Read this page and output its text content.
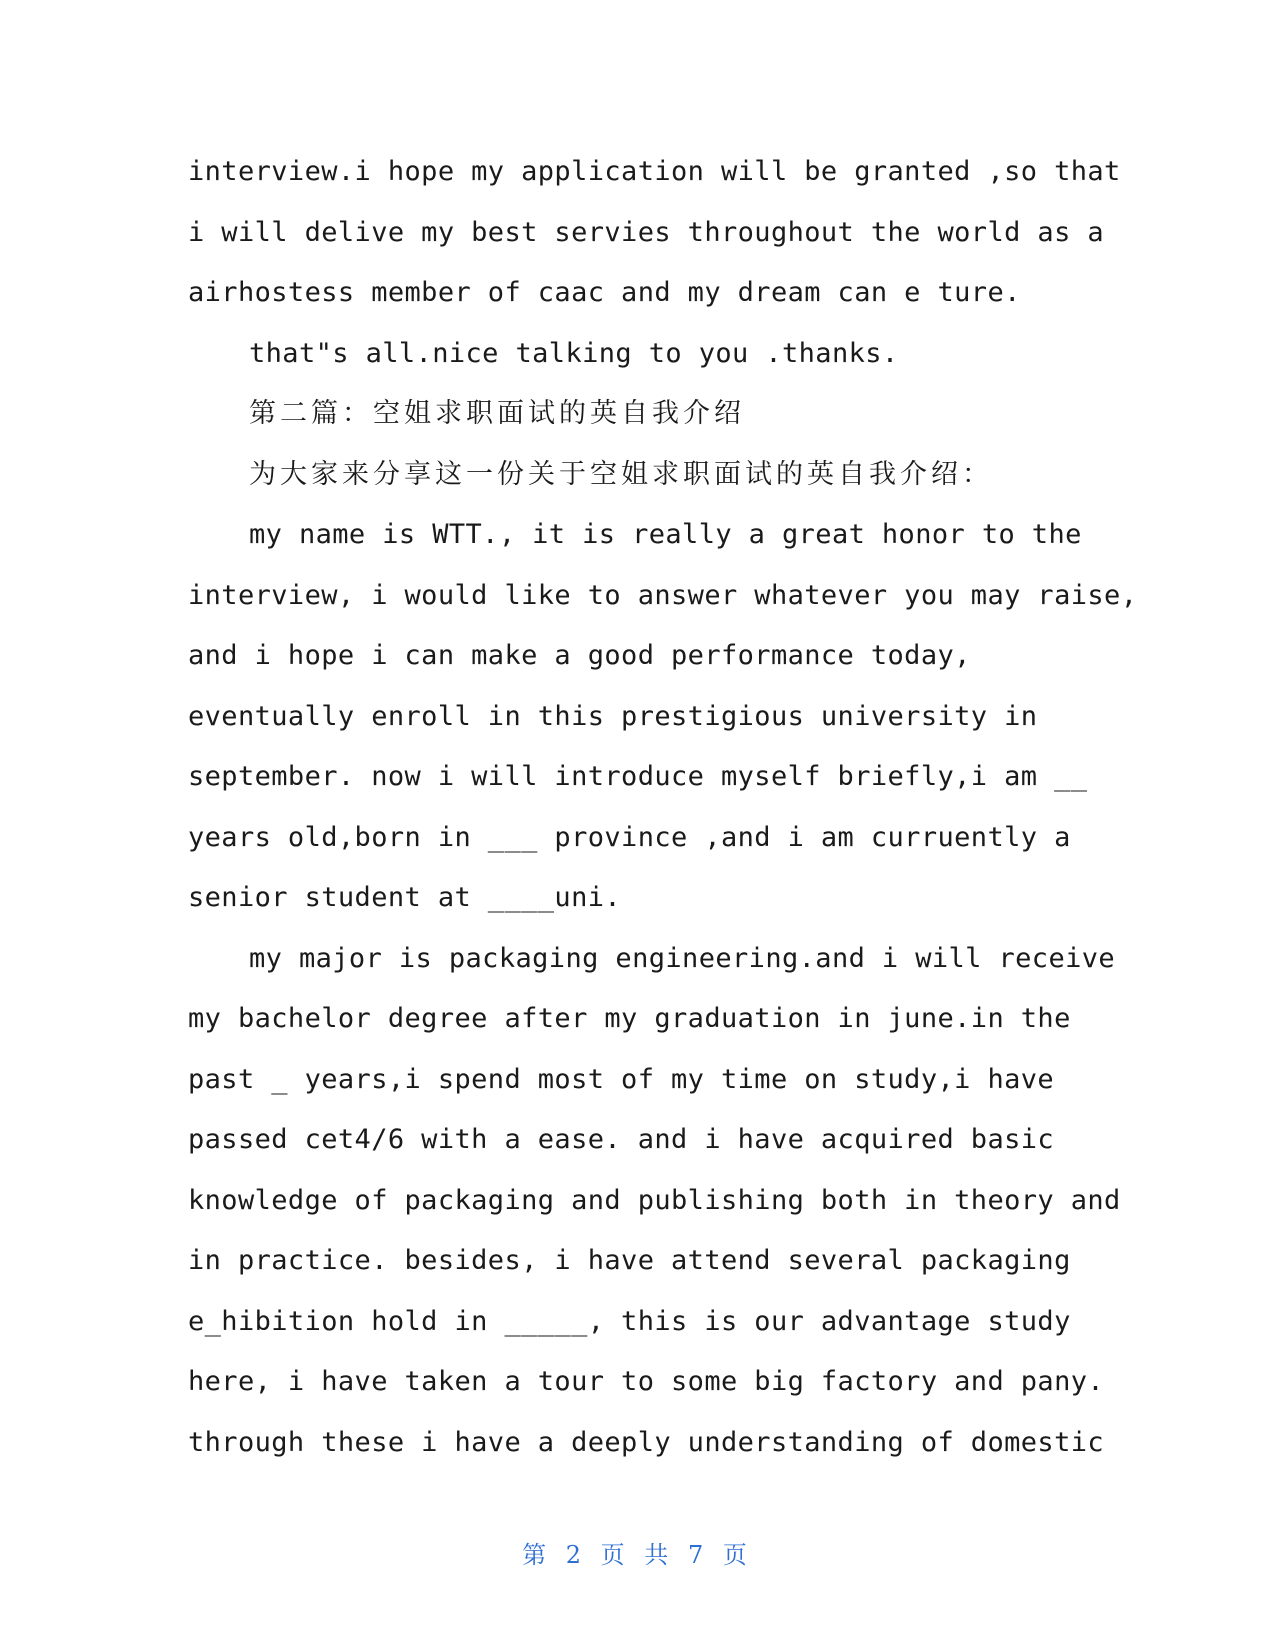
interview.i hope my application will be granted ,so that
i will delive my best servies throughout the world as a
airhostess member of caac and my dream can e ture.
that"s all.nice talking to you .thanks.
第二篇：空姐求职面试的英自我介绍
为大家来分享这一份关于空姐求职面试的英自我介绍：
my name is WTT., it is really a great honor to the
interview, i would like to answer whatever you may raise,
and i hope i can make a good performance today,
eventually enroll in this prestigious university in
september. now i will introduce myself briefly,i am __
years old,born in ___ province ,and i am curruently a
senior student at ____uni.
my major is packaging engineering.and i will receive
my bachelor degree after my graduation in june.in the
past _ years,i spend most of my time on study,i have
passed cet4/6 with a ease. and i have acquired basic
knowledge of packaging and publishing both in theory and
in practice. besides, i have attend several packaging
e_hibition hold in _____, this is our advantage study
here, i have taken a tour to some big factory and pany.
through these i have a deeply understanding of domestic
第 2 页 共 7 页
